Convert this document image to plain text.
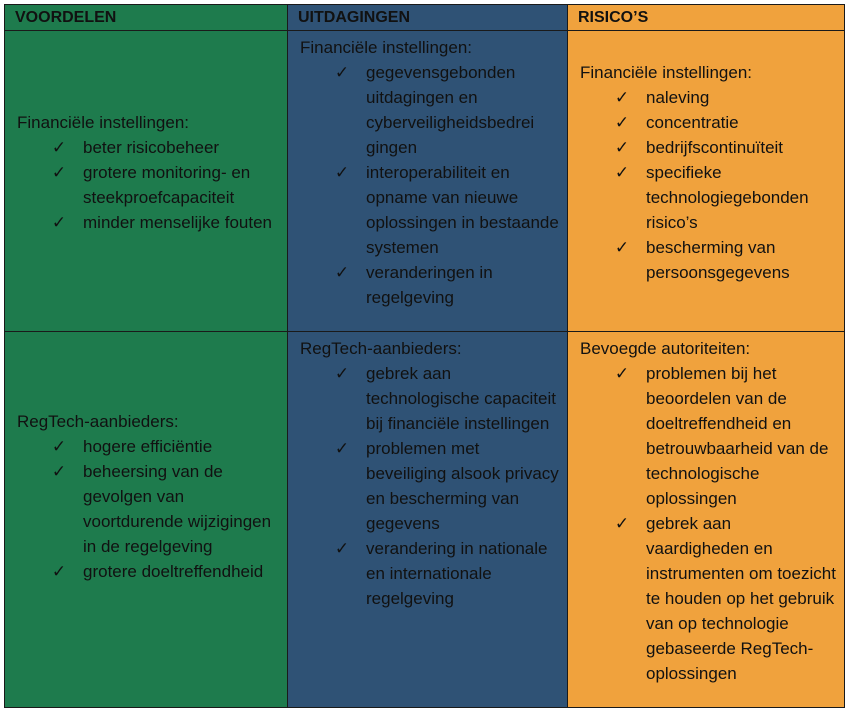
VOORDELEN
Financiële instellingen:
✓ beter risicobeheer
✓ grotere monitoring- en steekproefcapaciteit
✓ minder menselijke fouten
RegTech-aanbieders:
✓ hogere efficiëntie
✓ beheersing van de gevolgen van voortdurende wijzigingen in de regelgeving
✓ grotere doeltreffendheid
UITDAGINGEN
Financiële instellingen:
✓ gegevensgebonden uitdagingen en cyberveiligheidsbedrei gingen
✓ interoperabiliteit en opname van nieuwe oplossingen in bestaande systemen
✓ veranderingen in regelgeving
RegTech-aanbieders:
✓ gebrek aan technologische capaciteit bij financiële instellingen
✓ problemen met beveiliging alsook privacy en bescherming van gegevens
✓ verandering in nationale en internationale regelgeving
RISICO’S
Financiële instellingen:
✓ naleving
✓ concentratie
✓ bedrijfscontinuïteit
✓ specifieke technologiegebonden risico’s
✓ bescherming van persoonsgegevens
Bevoegde autoriteiten:
✓ problemen bij het beoordelen van de doeltreffendheid en betrouwbaarheid van de technologische oplossingen
✓ gebrek aan vaardigheden en instrumenten om toezicht te houden op het gebruik van op technologie gebaseerde RegTech-oplossingen
